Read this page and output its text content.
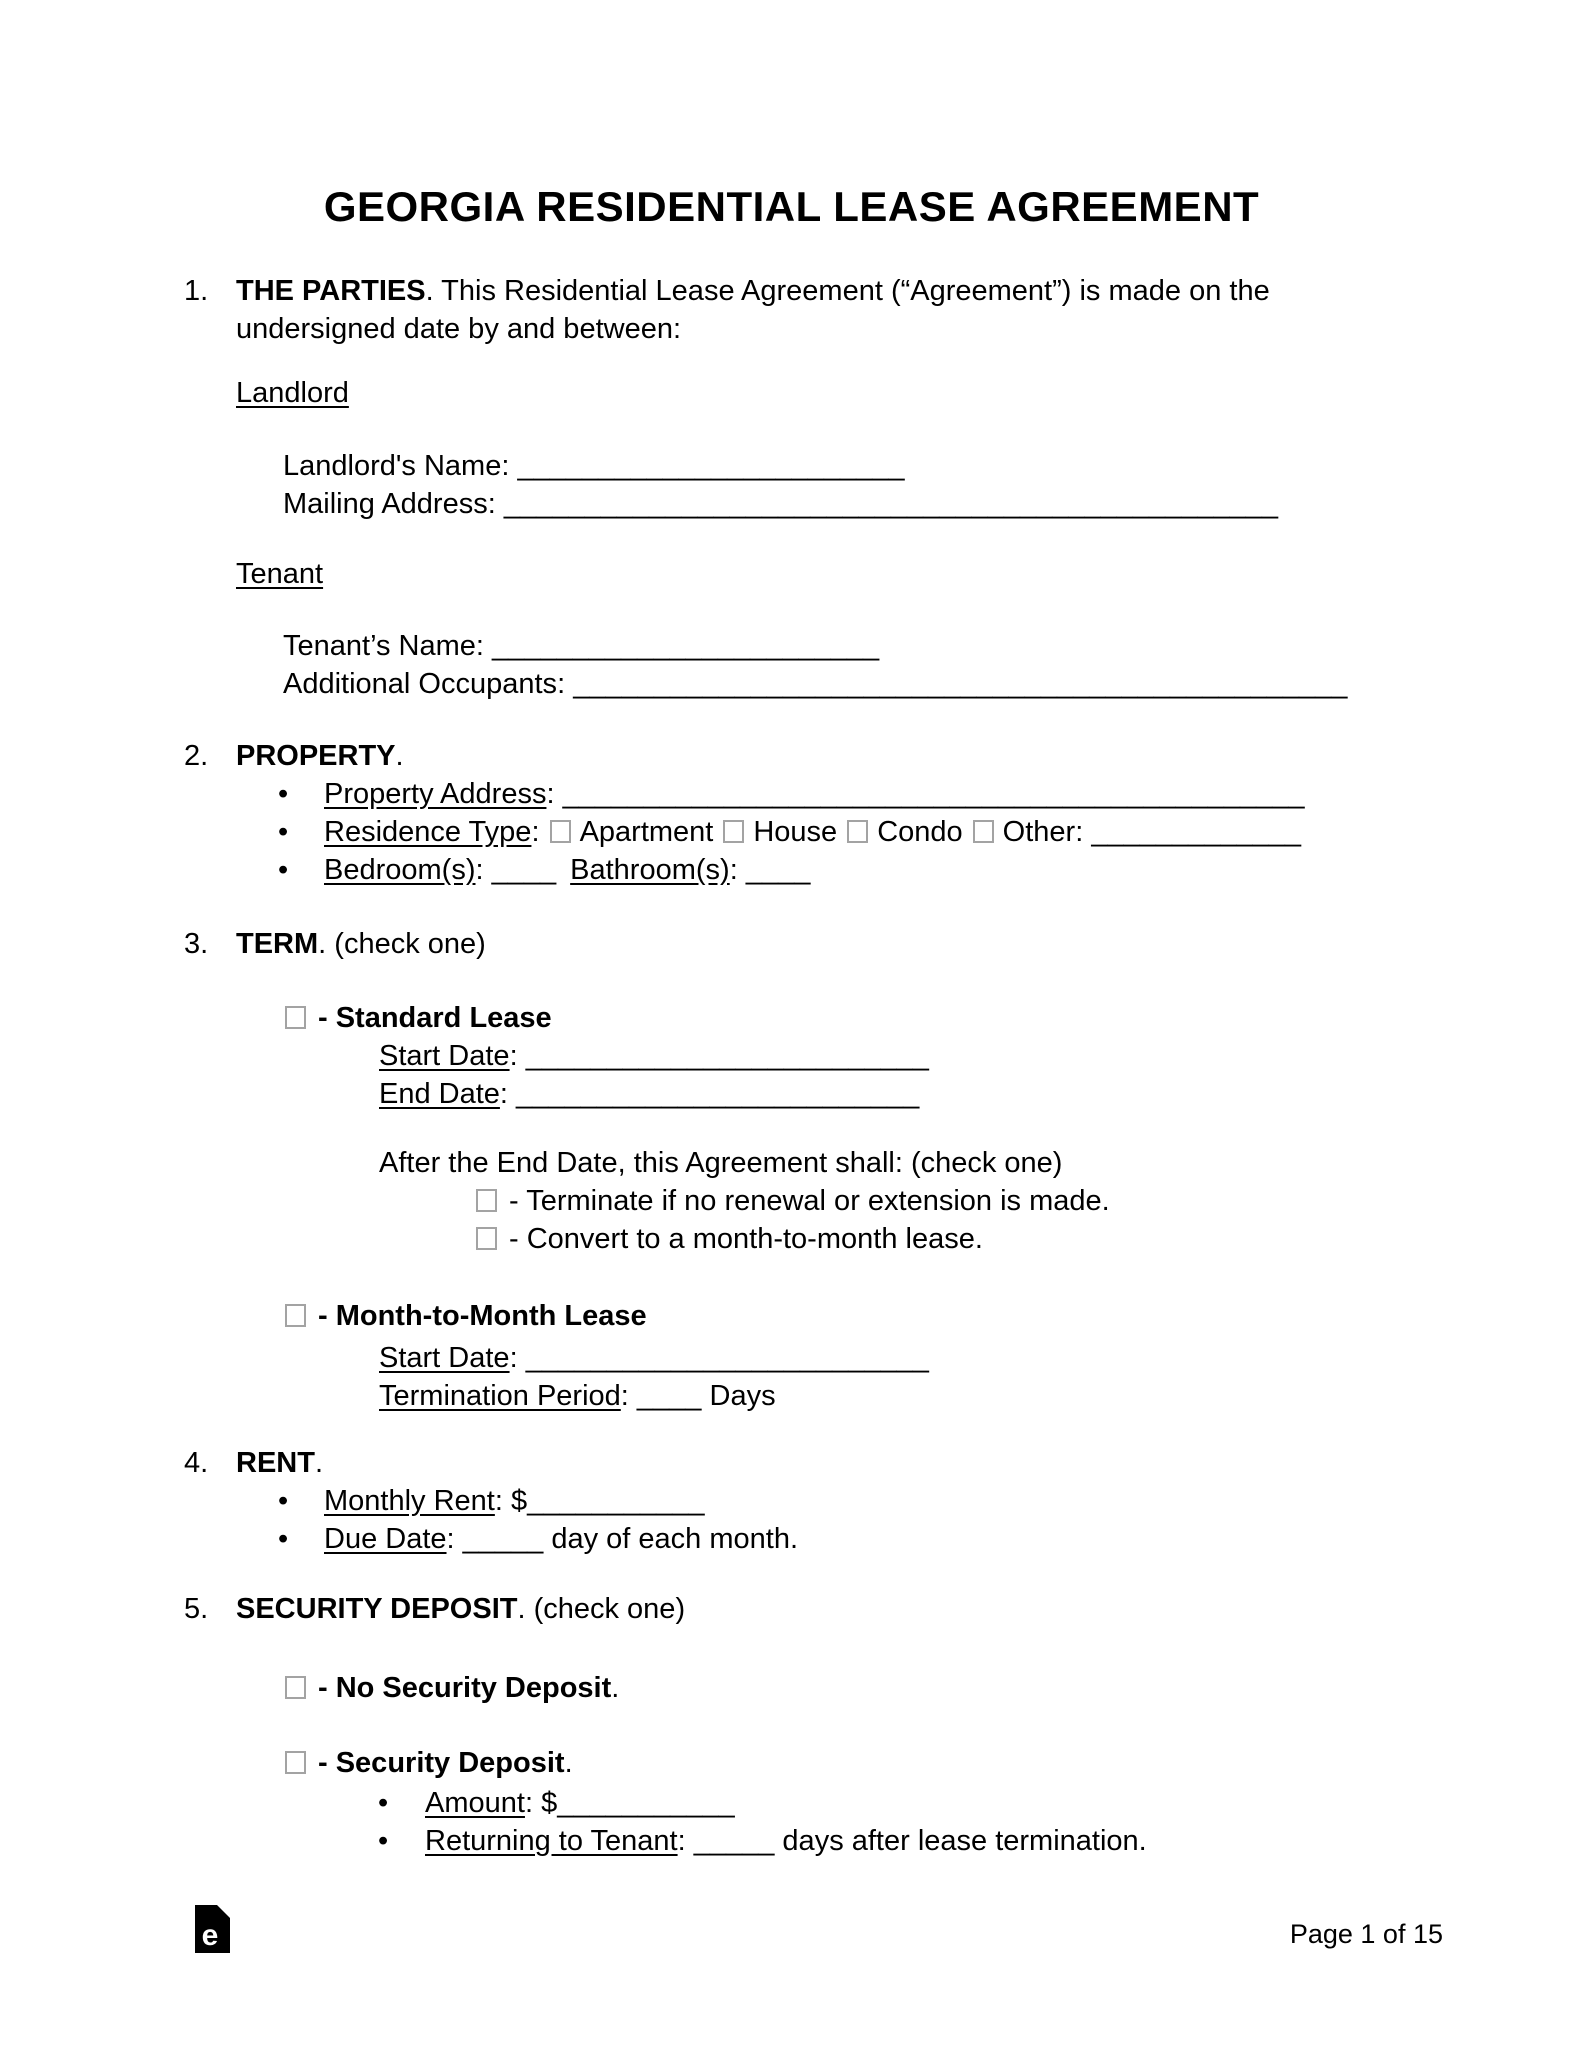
GEORGIA RESIDENTIAL LEASE AGREEMENT
1. THE PARTIES. This Residential Lease Agreement (“Agreement”) is made on the undersigned date by and between:

Landlord
Landlord's Name: ________________________
Mailing Address: ________________________________________________
Tenant
Tenant’s Name: ________________________
Additional Occupants: ________________________________________________
2. PROPERTY.
• Property Address: ______________________________________________
• Residence Type: Apartment House Condo Other: _____________
• Bedroom(s): ____ Bathroom(s): ____
3. TERM. (check one)
- Standard Lease
Start Date: _________________________
End Date: _________________________
After the End Date, this Agreement shall: (check one)
- Terminate if no renewal or extension is made.
- Convert to a month-to-month lease.
- Month-to-Month Lease
Start Date: _________________________
Termination Period: ____ Days
4. RENT.
• Monthly Rent: $___________
• Due Date: _____ day of each month.
5. SECURITY DEPOSIT. (check one)
- No Security Deposit.
- Security Deposit.
• Amount: $___________
• Returning to Tenant: _____ days after lease termination.
e	Page 1 of 15
